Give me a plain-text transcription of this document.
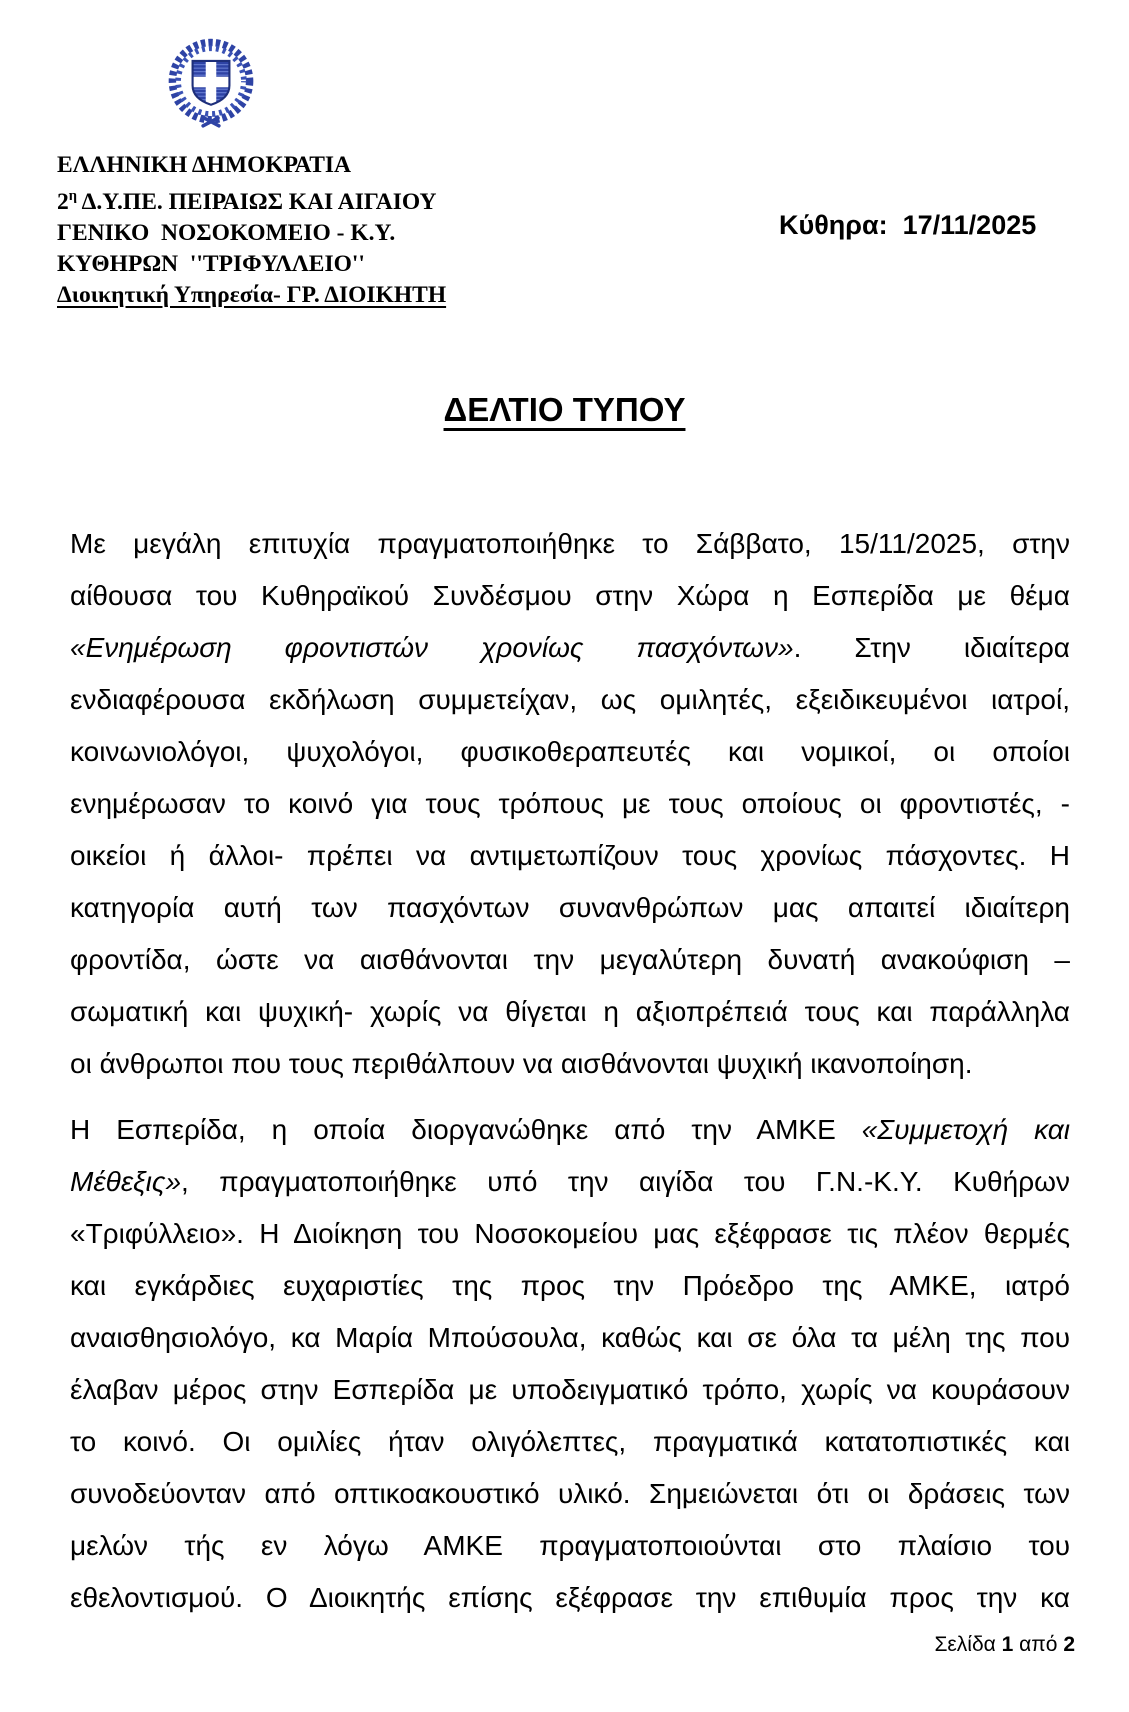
ΕΛΛΗΝΙΚΗ ΔΗΜΟΚΡΑΤΙΑ
$2^\eta$ Δ.Υ.ΠΕ. ΠΕΙΡΑΙΩΣ ΚΑΙ ΑΙΓΑΙΟΥ
ΓΕΝΙΚΟ  ΝΟΣΟΚΟΜΕΙΟ - Κ.Υ.
ΚΥΘΗΡΩΝ  ''ΤΡΙΦΥΛΛΕΙΟ''
Διοικητική Υπηρεσία- ΓΡ. ΔΙΟΙΚΗΤΗ
Κύθηρα:  17/11/2025
ΔΕΛΤΙΟ ΤΥΠΟΥ
Με μεγάλη επιτυχία πραγματοποιήθηκε το Σάββατο, 15/11/2025, στην
αίθουσα του Κυθηραϊκού Συνδέσμου στην Χώρα η Εσπερίδα με θέμα
«Ενημέρωση φροντιστών χρονίως πασχόντων». Στην ιδιαίτερα
ενδιαφέρουσα εκδήλωση συμμετείχαν, ως ομιλητές, εξειδικευμένοι ιατροί,
κοινωνιολόγοι, ψυχολόγοι, φυσικοθεραπευτές και νομικοί, οι οποίοι
ενημέρωσαν το κοινό για τους τρόπους με τους οποίους οι φροντιστές, -
οικείοι ή άλλοι- πρέπει να αντιμετωπίζουν τους χρονίως πάσχοντες. Η
κατηγορία αυτή των πασχόντων συνανθρώπων μας απαιτεί ιδιαίτερη
φροντίδα, ώστε να αισθάνονται την μεγαλύτερη δυνατή ανακούφιση –
σωματική και ψυχική- χωρίς να θίγεται η αξιοπρέπειά τους και παράλληλα
οι άνθρωποι που τους περιθάλπουν να αισθάνονται ψυχική ικανοποίηση.
Η Εσπερίδα, η οποία διοργανώθηκε από την ΑΜΚΕ «Συμμετοχή και
Μέθεξις», πραγματοποιήθηκε υπό την αιγίδα του Γ.Ν.-Κ.Υ. Κυθήρων
«Τριφύλλειο». Η Διοίκηση του Νοσοκομείου μας εξέφρασε τις πλέον θερμές
και εγκάρδιες ευχαριστίες της προς την Πρόεδρο της ΑΜΚΕ, ιατρό
αναισθησιολόγο, κα Μαρία Μπούσουλα, καθώς και σε όλα τα μέλη της που
έλαβαν μέρος στην Εσπερίδα με υποδειγματικό τρόπο, χωρίς να κουράσουν
το κοινό. Οι ομιλίες ήταν ολιγόλεπτες, πραγματικά κατατοπιστικές και
συνοδεύονταν από οπτικοακουστικό υλικό. Σημειώνεται ότι οι δράσεις των
μελών τής εν λόγω ΑΜΚΕ πραγματοποιούνται στο πλαίσιο του
εθελοντισμού. Ο Διοικητής επίσης εξέφρασε την επιθυμία προς την κα
Σελίδα 1 από 2
